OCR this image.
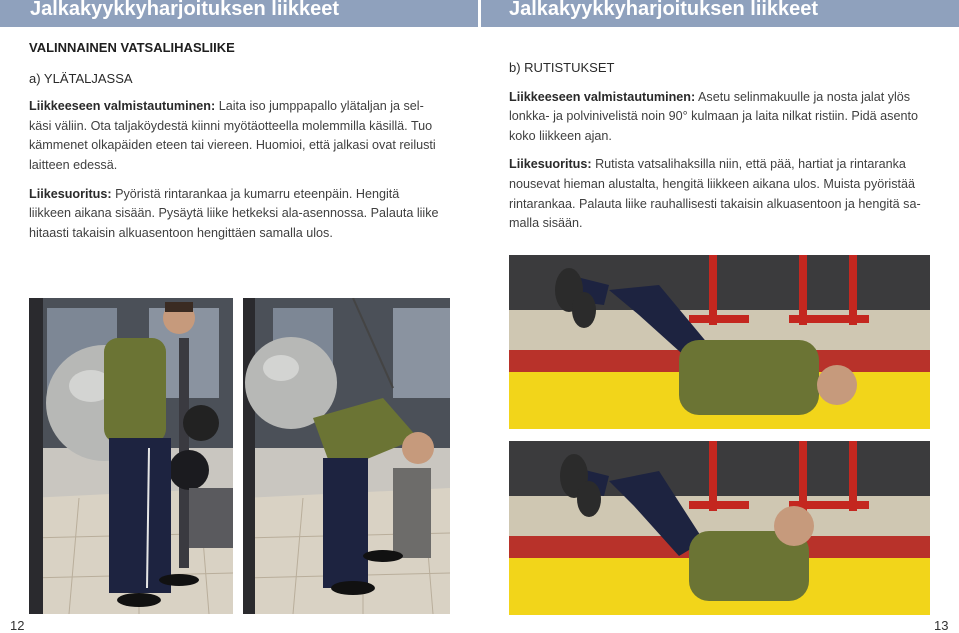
Jalkakyykkyharjoituksen liikkeet	Jalkakyykkyharjoituksen liikkeet
VALINNAINEN VATSALIHASLIIKE
a) YLÄTALJASSA

Liikkeeseen valmistautuminen: Laita iso jumppapallo ylätaljan ja sel-
käsi väliin. Ota taljaköydestä kiinni myötäotteella molemmilla käsillä. Tuo
kämmenet olkapäiden eteen tai viereen. Huomioi, että jalkasi ovat reilusti
laitteen edessä.

Liikesuoritus: Pyöristä rintarankaa ja kumarru eteenpäin. Hengitä
liikkeen aikana sisään. Pysäytä liike hetkeksi ala-asennossa. Palauta liike
hitaasti takaisin alkuasentoon hengittäen samalla ulos.

b) RUTISTUKSET

Liikkeeseen valmistautuminen: Asetu selinmakuulle ja nosta jalat ylös
lonkka- ja polvinivelistä noin 90° kulmaan ja laita nilkat ristiin. Pidä asento
koko liikkeen ajan.

Liikesuoritus: Rutista vatsalihaksilla niin, että pää, hartiat ja rintaranka
nousevat hieman alustalta, hengitä liikkeen aikana ulos. Muista pyöristää
rintarankaa. Palauta liike rauhallisesti takaisin alkuasentoon ja hengitä sa-
malla sisään.

12	13
